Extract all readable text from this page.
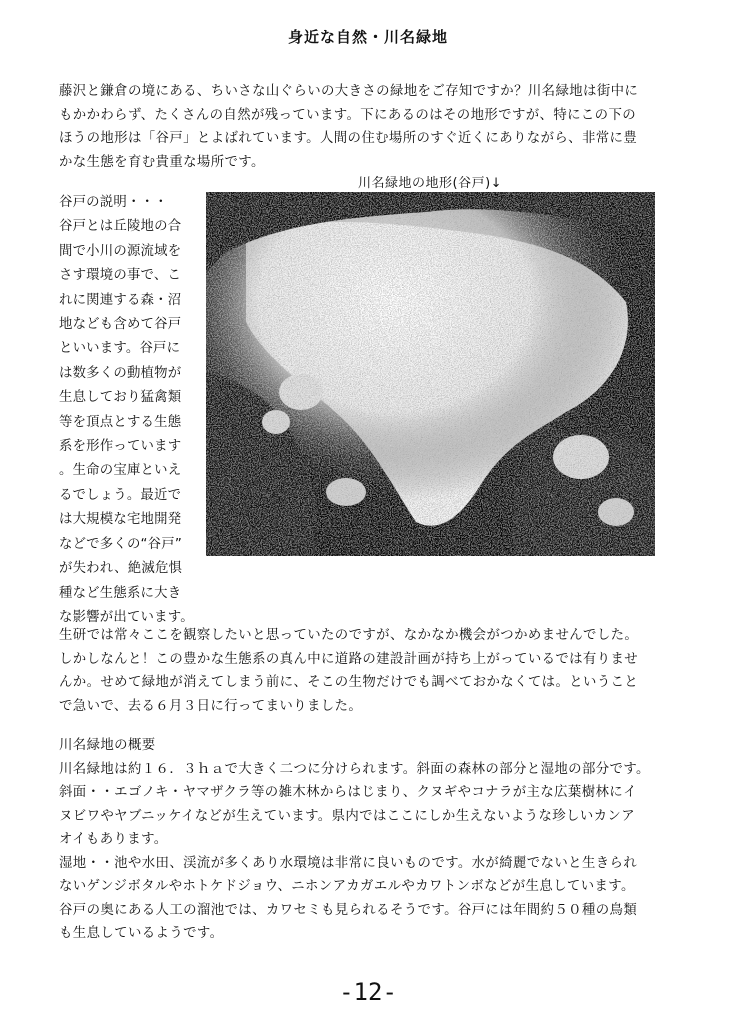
身近な自然・川名緑地
藤沢と鎌倉の境にある、ちいさな山ぐらいの大きさの緑地をご存知ですか？川名緑地は街中に
もかかわらず、たくさんの自然が残っています。下にあるのはその地形ですが、特にこの下の
ほうの地形は「谷戸」とよばれています。人間の住む場所のすぐ近くにありながら、非常に豊
かな生態を育む貴重な場所です。
川名緑地の地形(谷戸)↓
谷戸の説明・・・
谷戸とは丘陵地の合
間で小川の源流域を
さす環境の事で、こ
れに関連する森・沼
地なども含めて谷戸
といいます。谷戸に
は数多くの動植物が
生息しており猛禽類
等を頂点とする生態
系を形作っています
。生命の宝庫といえ
るでしょう。最近で
は大規模な宅地開発
などで多くの“谷戸”
が失われ、絶滅危惧
種など生態系に大き
な影響が出ています。
生研では常々ここを観察したいと思っていたのですが、なかなか機会がつかめませんでした。
しかしなんと！この豊かな生態系の真ん中に道路の建設計画が持ち上がっているでは有りませ
んか。せめて緑地が消えてしまう前に、そこの生物だけでも調べておかなくては。ということ
で急いで、去る６月３日に行ってまいりました。
川名緑地の概要
川名緑地は約１６．３ｈａで大きく二つに分けられます。斜面の森林の部分と湿地の部分です。
斜面・・エゴノキ・ヤマザクラ等の雑木林からはじまり、クヌギやコナラが主な広葉樹林にイ
ヌビワやヤブニッケイなどが生えています。県内ではここにしか生えないような珍しいカンア
オイもあります。
湿地・・池や水田、渓流が多くあり水環境は非常に良いものです。水が綺麗でないと生きられ
ないゲンジボタルやホトケドジョウ、ニホンアカガエルやカワトンボなどが生息しています。
谷戸の奥にある人工の溜池では、カワセミも見られるそうです。谷戸には年間約５０種の鳥類
も生息しているようです。
-12-
